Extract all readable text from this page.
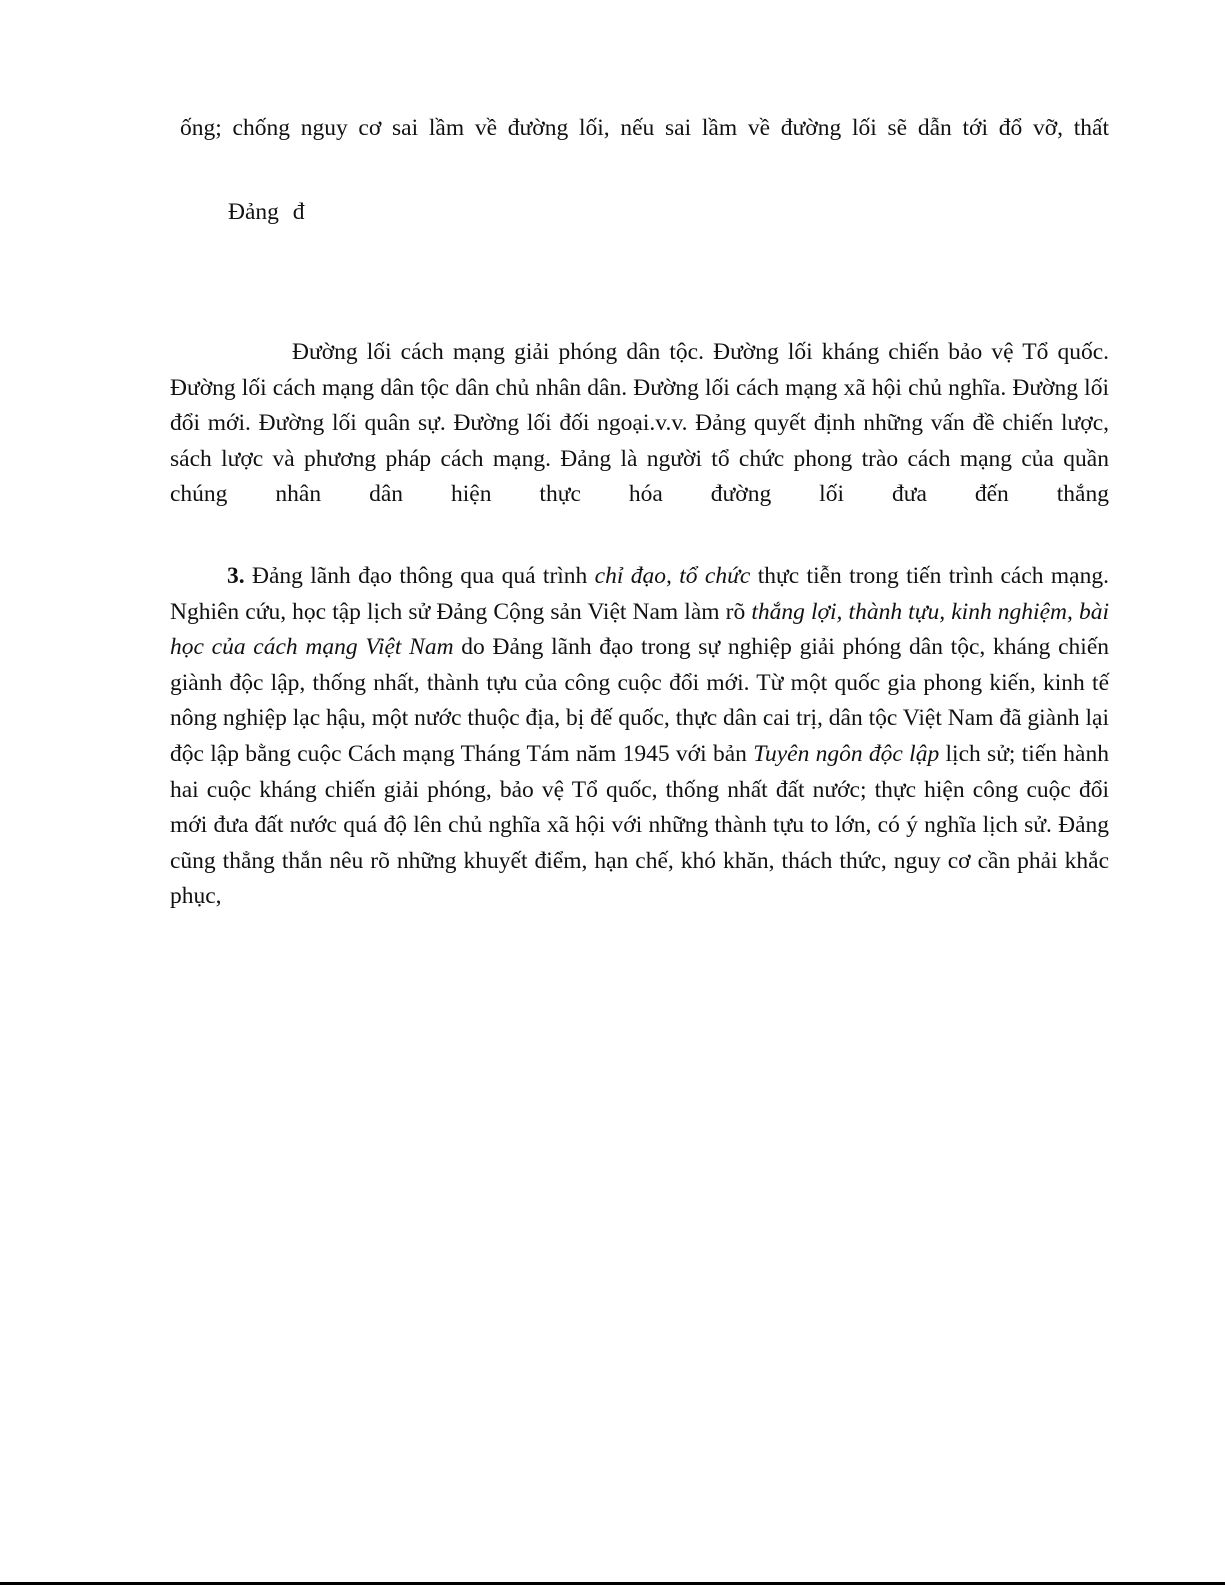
ống; chống nguy cơ sai lầm về đường lối, nếu sai lầm về đường lối sẽ dẫn tới đổ vỡ, thất
Đảng đ

Đường lối cách mạng giải phóng dân tộc. Đường lối kháng chiến bảo vệ Tổ quốc. Đường lối cách mạng dân tộc dân chủ nhân dân. Đường lối cách mạng xã hội chủ nghĩa. Đường lối đổi mới. Đường lối quân sự. Đường lối đối ngoại.v.v. Đảng quyết định những vấn đề chiến lược, sách lược và phương pháp cách mạng. Đảng là người tổ chức phong trào cách mạng của quần chúng nhân dân hiện thực hóa đường lối đưa đến thắng

3. Đảng lãnh đạo thông qua quá trình chỉ đạo, tổ chức thực tiễn trong tiến trình cách mạng. Nghiên cứu, học tập lịch sử Đảng Cộng sản Việt Nam làm rõ thắng lợi, thành tựu, kinh nghiệm, bài học của cách mạng Việt Nam do Đảng lãnh đạo trong sự nghiệp giải phóng dân tộc, kháng chiến giành độc lập, thống nhất, thành tựu của công cuộc đổi mới. Từ một quốc gia phong kiến, kinh tế nông nghiệp lạc hậu, một nước thuộc địa, bị đế quốc, thực dân cai trị, dân tộc Việt Nam đã giành lại độc lập bằng cuộc Cách mạng Tháng Tám năm 1945 với bản Tuyên ngôn độc lập lịch sử; tiến hành hai cuộc kháng chiến giải phóng, bảo vệ Tổ quốc, thống nhất đất nước; thực hiện công cuộc đổi mới đưa đất nước quá độ lên chủ nghĩa xã hội với những thành tựu to lớn, có ý nghĩa lịch sử. Đảng cũng thẳng thắn nêu rõ những khuyết điểm, hạn chế, khó khăn, thách thức, nguy cơ cần phải khắc phục,
